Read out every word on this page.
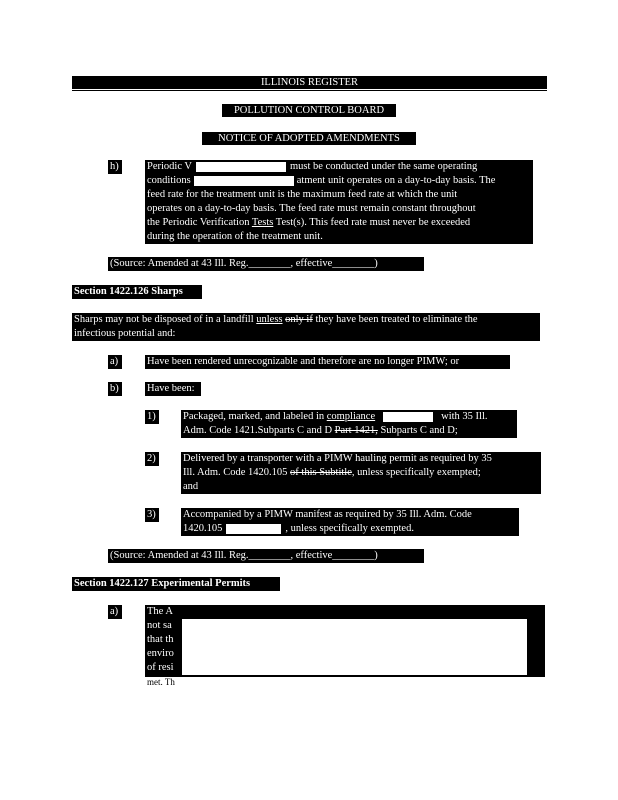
ILLINOIS REGISTER
POLLUTION CONTROL BOARD
NOTICE OF ADOPTED AMENDMENTS
h)	Periodic V	must be conducted under the same operating
conditions	atment unit operates on a day-to-day basis. The
feed rate for the treatment unit is the maximum feed rate at which the unit
operates on a day-to-day basis. The feed rate must remain constant throughout
the Periodic Verification Tests Test(s). This feed rate must never be exceeded
during the operation of the treatment unit.
(Source: Amended at 43 Ill. Reg.________, effective________)
Section 1422.126 Sharps
Sharps may not be disposed of in a landfill unless only if they have been treated to eliminate the
infectious potential and:
a)	Have been rendered unrecognizable and therefore are no longer PIMW; or
b)	Have been:
1)	Packaged, marked, and labeled in compliance	with 35 Ill.
Adm. Code 1421.Subparts C and D Part 1421, Subparts C and D;
2)	Delivered by a transporter with a PIMW hauling permit as required by 35
Ill. Adm. Code 1420.105 of this Subtitle, unless specifically exempted;
and
3)	Accompanied by a PIMW manifest as required by 35 Ill. Adm. Code
1420.105	, unless specifically exempted.
(Source: Amended at 43 Ill. Reg.________, effective________)
Section 1422.127 Experimental Permits
a)	The A
not sa
that th
enviro
of resi
met. Th
